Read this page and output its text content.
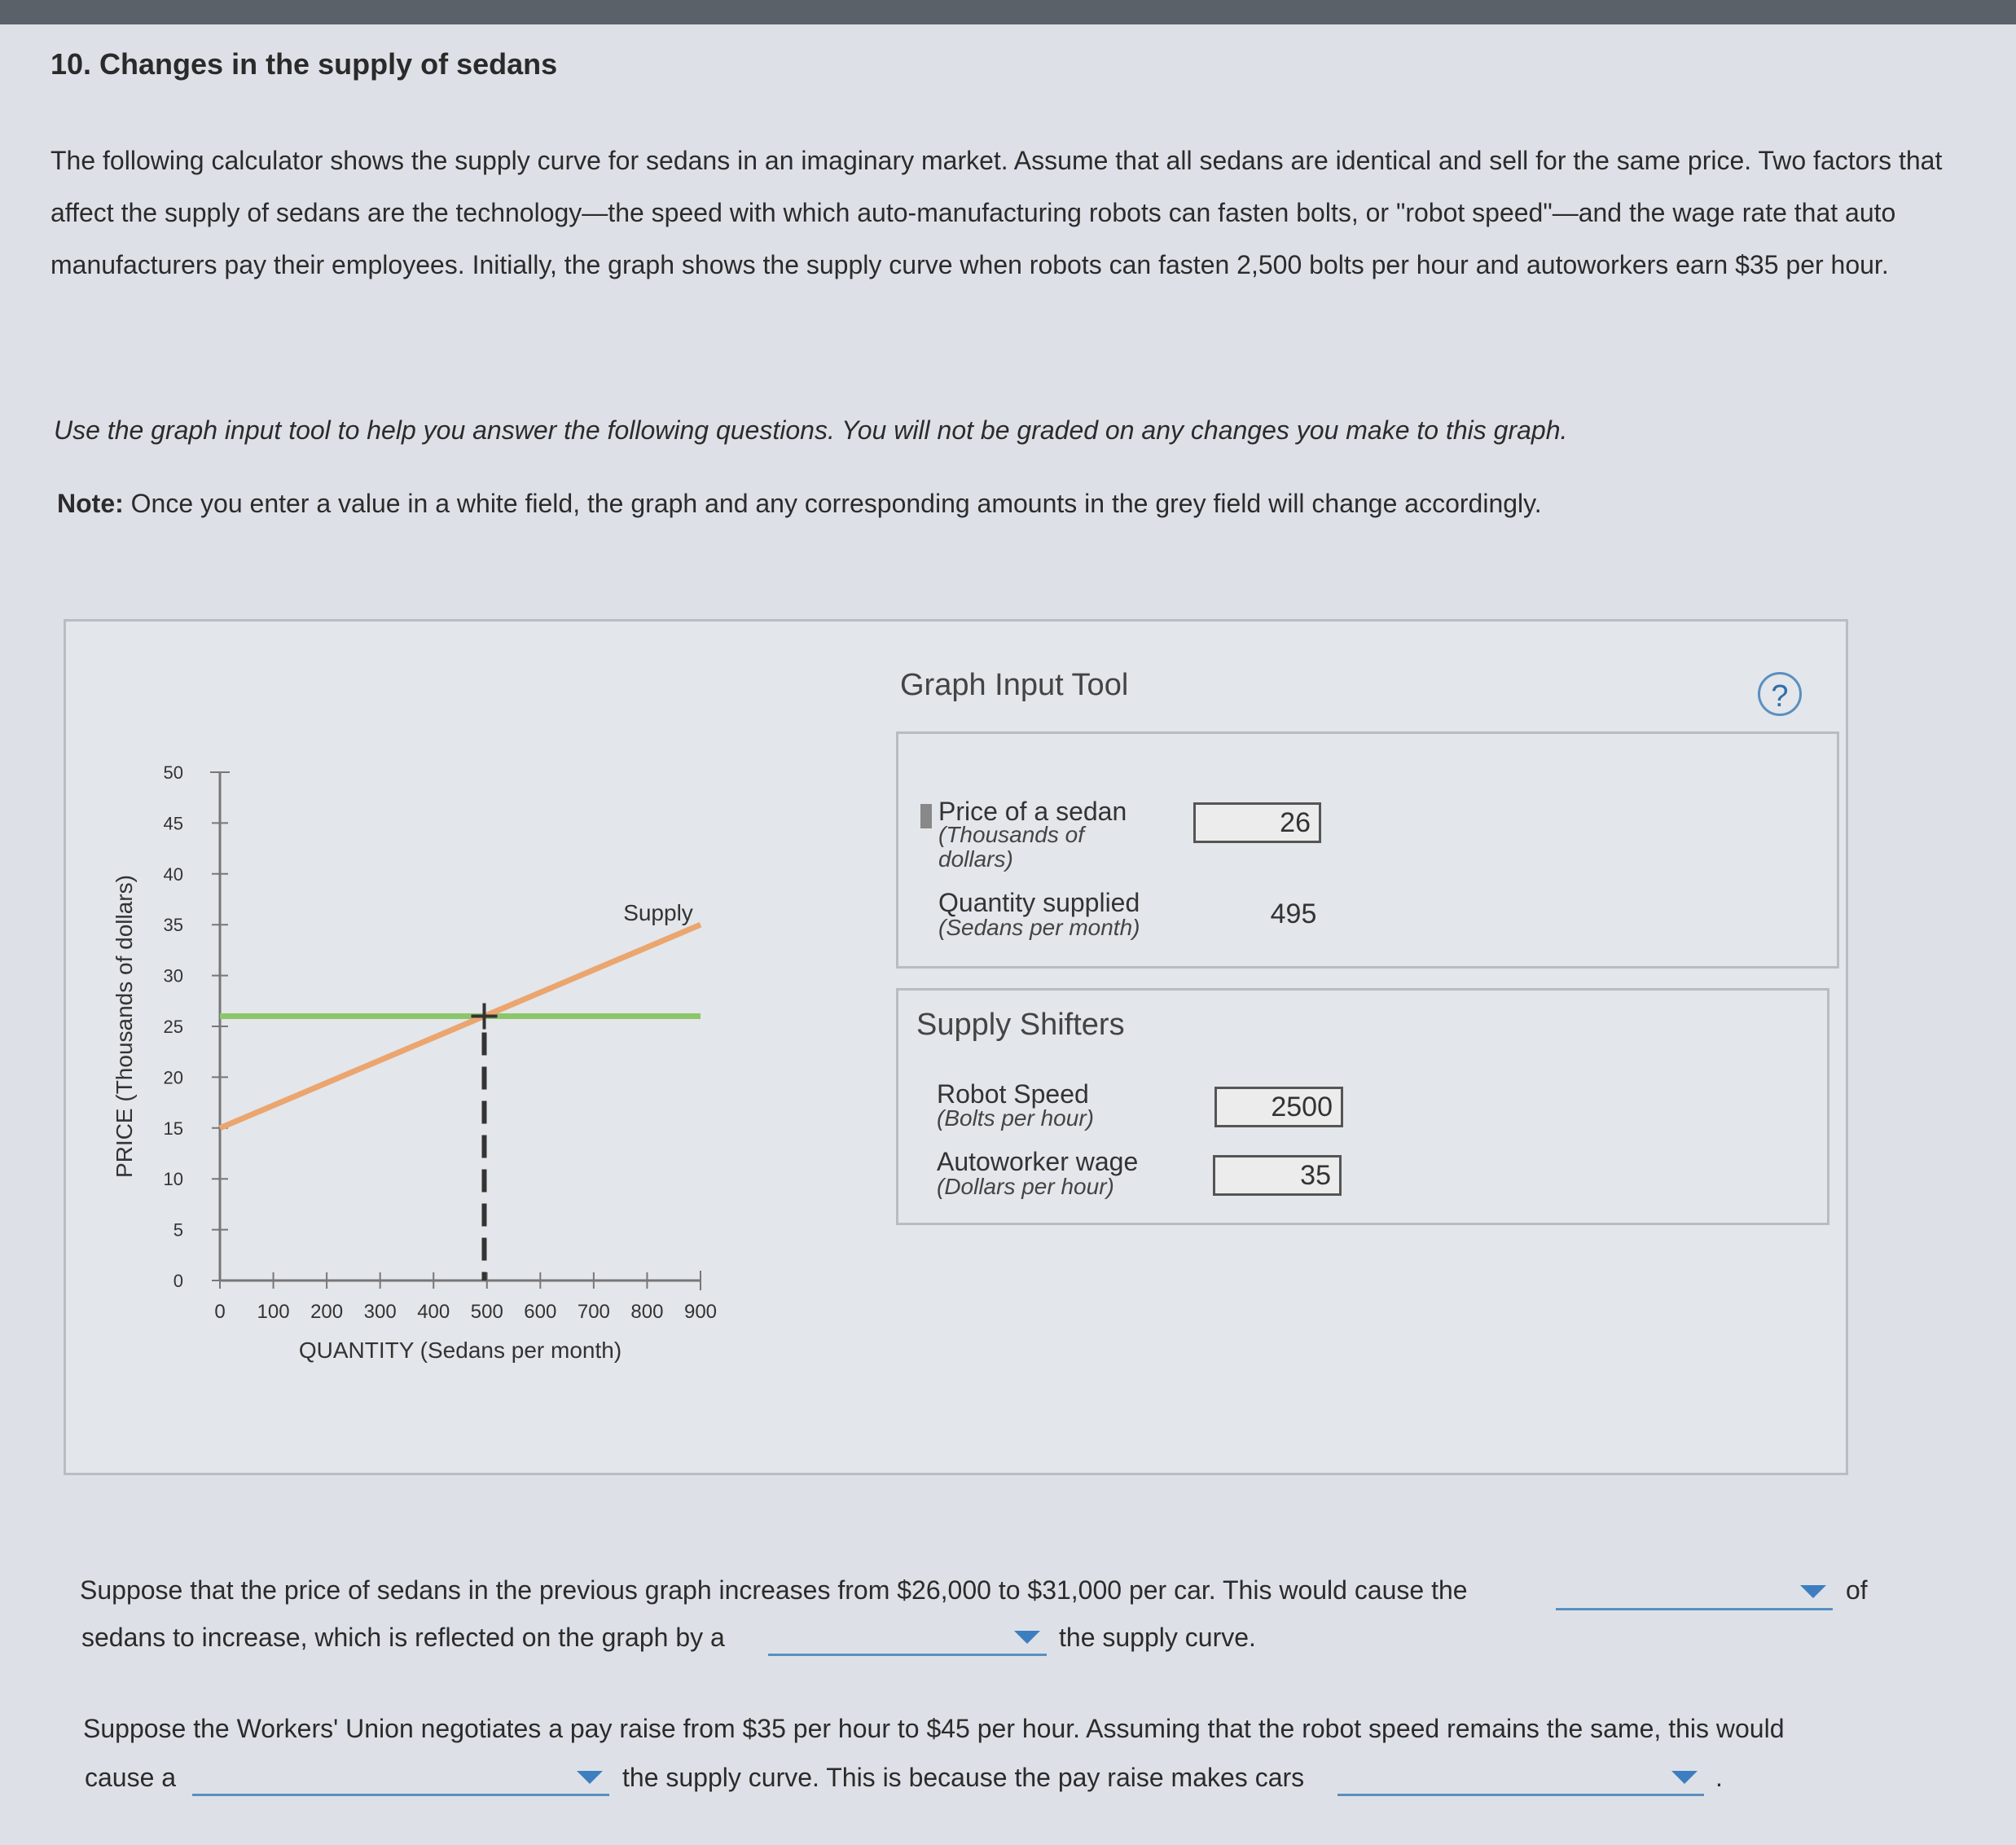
10. Changes in the supply of sedans
The following calculator shows the supply curve for sedans in an imaginary market. Assume that all sedans are identical and sell for the same price. Two factors that affect the supply of sedans are the technology—the speed with which auto-manufacturing robots can fasten bolts, or "robot speed"—and the wage rate that auto manufacturers pay their employees. Initially, the graph shows the supply curve when robots can fasten 2,500 bolts per hour and autoworkers earn $35 per hour.
Use the graph input tool to help you answer the following questions. You will not be graded on any changes you make to this graph.
Note: Once you enter a value in a white field, the graph and any corresponding amounts in the grey field will change accordingly.
0
5
10
15
20
25
30
35
40
45
50
0 100 200 300 400 500 600 700 800 900
PRICE (Thousands of dollars)
QUANTITY (Sedans per month)
Supply
Graph Input Tool	?
Price of a sedan
(Thousands of dollars)
26
Quantity supplied
(Sedans per month)	495
Supply Shifters
Robot Speed
(Bolts per hour)	2500
Autoworker wage
(Dollars per hour)	35
Suppose that the price of sedans in the previous graph increases from $26,000 to $31,000 per car. This would cause the	of
sedans to increase, which is reflected on the graph by a	the supply curve.
Suppose the Workers' Union negotiates a pay raise from $35 per hour to $45 per hour. Assuming that the robot speed remains the same, this would
cause a	the supply curve. This is because the pay raise makes cars	.
